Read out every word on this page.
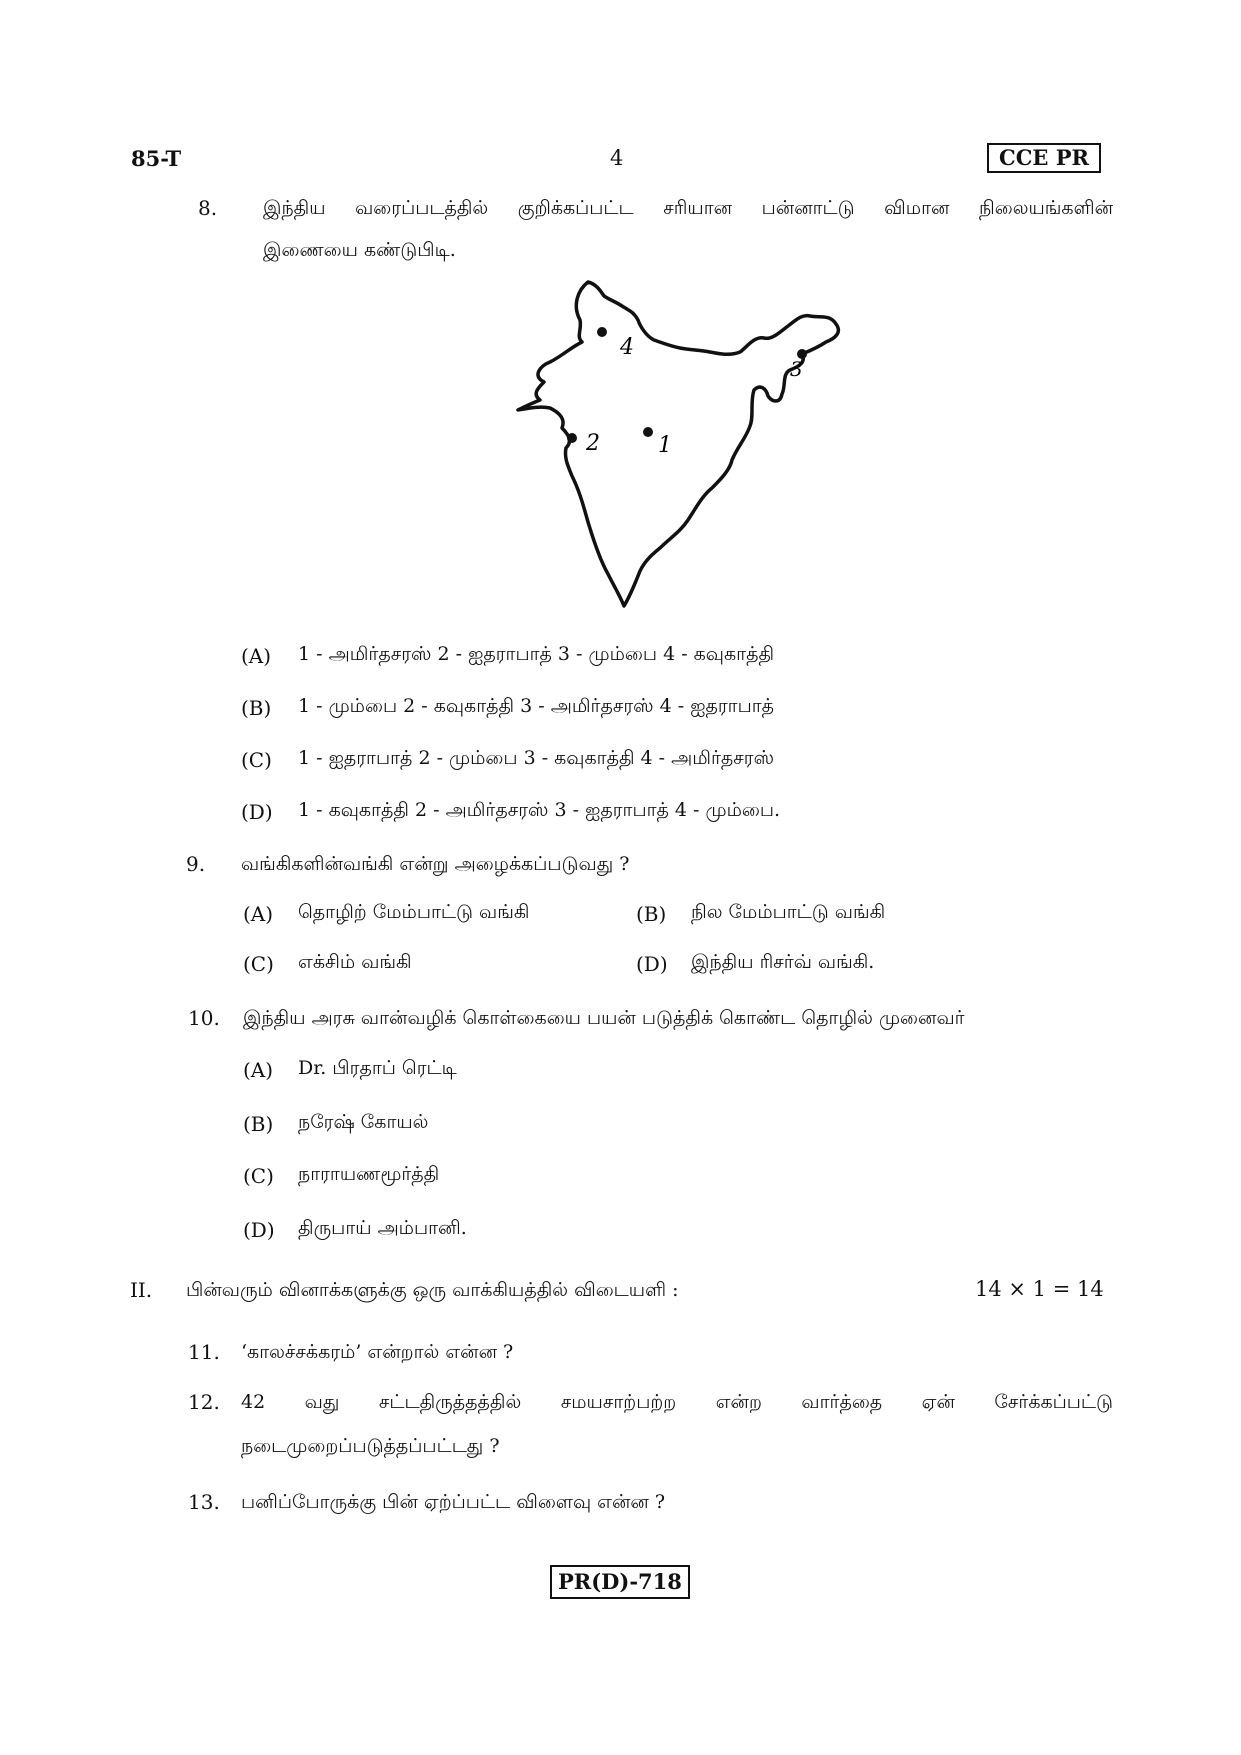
85-T	4	CCE PR
8. இந்திய வரைப்படத்தில் குறிக்கப்பட்ட சரியான பன்னாட்டு விமான நிலையங்களின்
இணையை கண்டுபிடி.
4
3
2	1
(A) 1 - அமிர்தசரஸ் 2 - ஐதராபாத் 3 - மும்பை 4 - கவுகாத்தி
(B) 1 - மும்பை 2 - கவுகாத்தி 3 - அமிர்தசரஸ் 4 - ஐதராபாத்
(C) 1 - ஐதராபாத் 2 - மும்பை 3 - கவுகாத்தி 4 - அமிர்தசரஸ்
(D) 1 - கவுகாத்தி 2 - அமிர்தசரஸ் 3 - ஐதராபாத் 4 - மும்பை.
9. வங்கிகளின்வங்கி என்று அழைக்கப்படுவது ?
(A) தொழிற் மேம்பாட்டு வங்கி	(B) நில மேம்பாட்டு வங்கி
(C) எக்சிம் வங்கி	(D) இந்திய ரிசர்வ் வங்கி.
10. இந்திய அரசு வான்வழிக் கொள்கையை பயன் படுத்திக் கொண்ட தொழில் முனைவர்
(A) Dr. பிரதாப் ரெட்டி
(B) நரேஷ் கோயல்
(C) நாராயணமூர்த்தி
(D) திருபாய் அம்பானி.
II. பின்வரும் வினாக்களுக்கு ஒரு வாக்கியத்தில் விடையளி :	14 × 1 = 14
11. ‘காலச்சக்கரம்’ என்றால் என்ன ?
12. 42 வது சட்டதிருத்தத்தில் சமயசாற்பற்ற என்ற வார்த்தை ஏன் சேர்க்கப்பட்டு
நடைமுறைப்படுத்தப்பட்டது ?
13. பனிப்போருக்கு பின் ஏற்ப்பட்ட விளைவு என்ன ?
PR(D)-718
